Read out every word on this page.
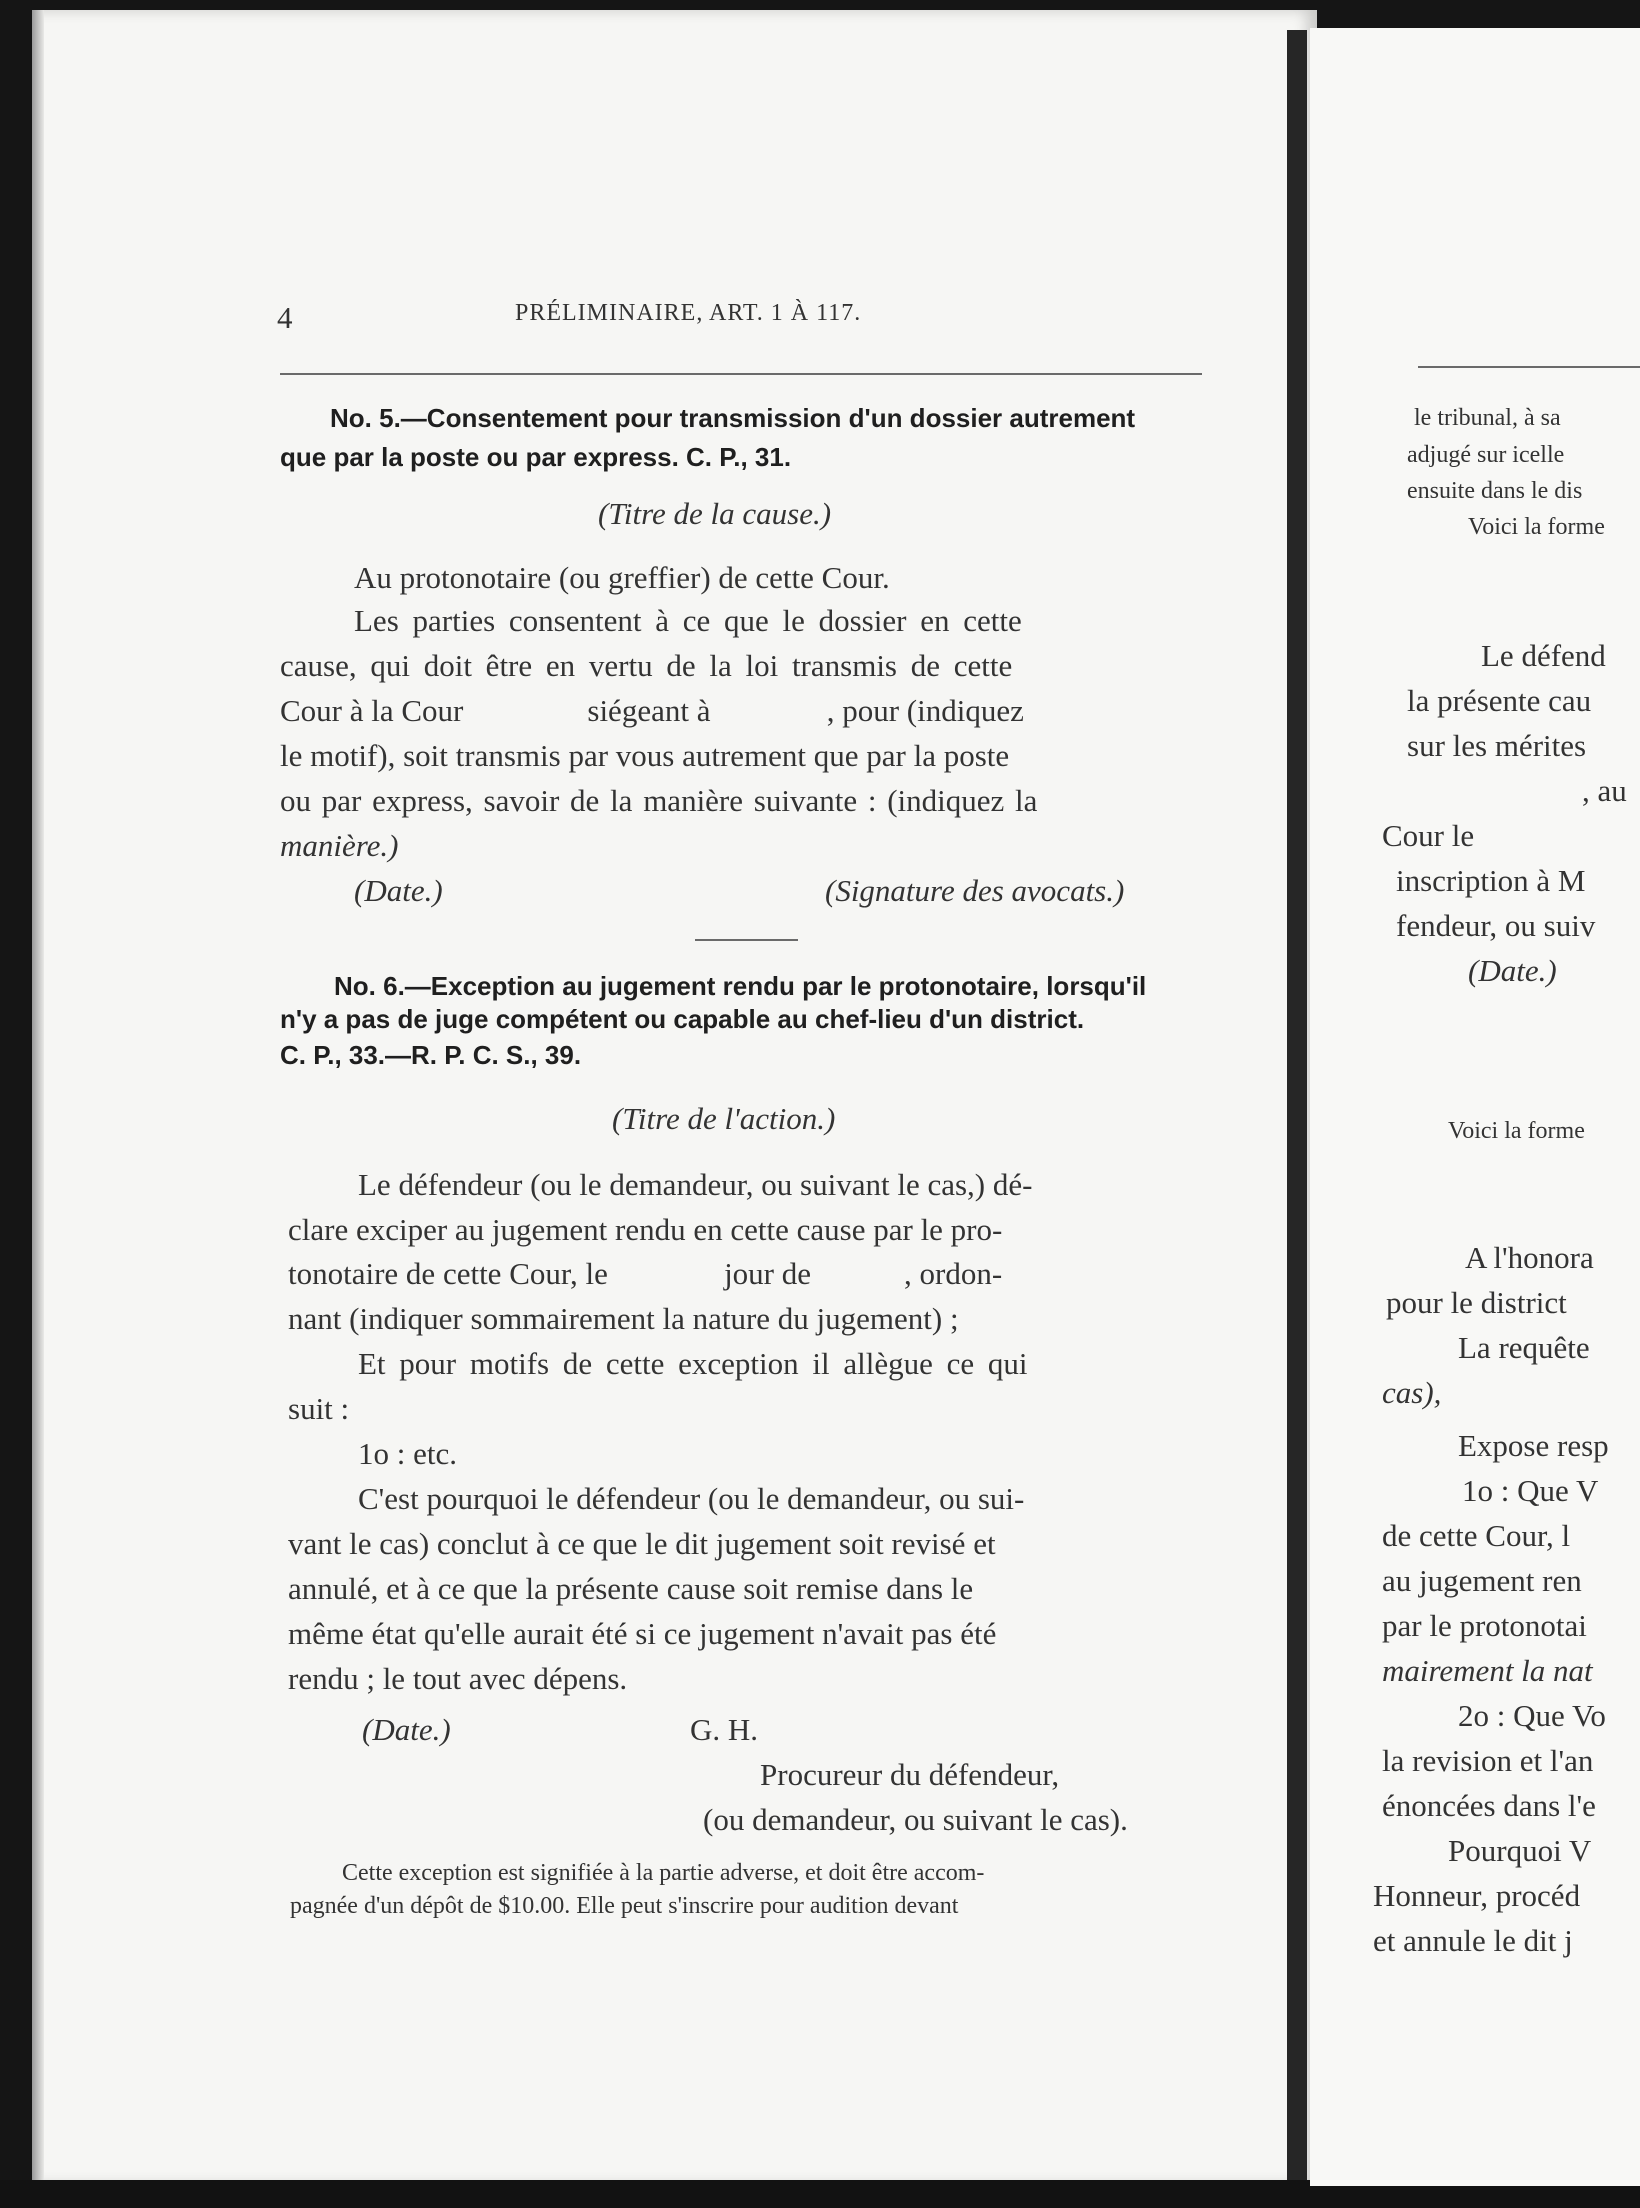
4	PRÉLIMINAIRE, ART. 1 À 117.
No. 5.—Consentement pour transmission d'un dossier autrement
que par la poste ou par express. C. P., 31.
(Titre de la cause.)
Au protonotaire (ou greffier) de cette Cour.
Les parties consentent à ce que le dossier en cette
cause, qui doit être en vertu de la loi transmis de cette
Cour à la Cour                siégeant à               , pour (indiquez
le motif), soit transmis par vous autrement que par la poste
ou par express, savoir de la manière suivante : (indiquez la
manière.)
(Date.)	(Signature des avocats.)
No. 6.—Exception au jugement rendu par le protonotaire, lorsqu'il
n'y a pas de juge compétent ou capable au chef-lieu d'un district.
C. P., 33.—R. P. C. S., 39.
(Titre de l'action.)
Le défendeur (ou le demandeur, ou suivant le cas,) dé-
clare exciper au jugement rendu en cette cause par le pro-
tonotaire de cette Cour, le               jour de            , ordon-
nant (indiquer sommairement la nature du jugement) ;
Et pour motifs de cette exception il allègue ce qui
suit :
1o : etc.
C'est pourquoi le défendeur (ou le demandeur, ou sui-
vant le cas) conclut à ce que le dit jugement soit revisé et
annulé, et à ce que la présente cause soit remise dans le
même état qu'elle aurait été si ce jugement n'avait pas été
rendu ; le tout avec dépens.
(Date.)	G. H.
Procureur du défendeur,
(ou demandeur, ou suivant le cas).
Cette exception est signifiée à la partie adverse, et doit être accom-
pagnée d'un dépôt de $10.00. Elle peut s'inscrire pour audition devant
le tribunal, à sa
adjugé sur icelle
ensuite dans le dis
Voici la forme
Le défend
la présente cau
sur les mérites
, au
Cour le
inscription à M
fendeur, ou suiv
(Date.)
Voici la forme
A l'honora
pour le district
La requête
cas),
Expose resp
1o : Que V
de cette Cour, l
au jugement ren
par le protonotai
mairement la nat
2o : Que Vo
la revision et l'an
énoncées dans l'e
Pourquoi V
Honneur, procéd
et annule le dit j
